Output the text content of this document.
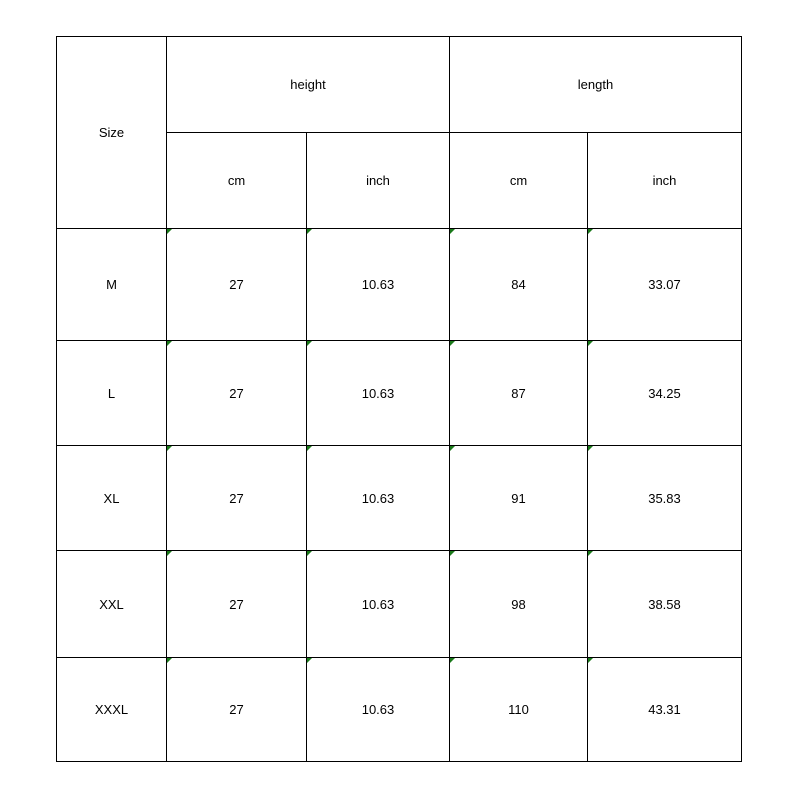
Size	height		length	
	cm	inch	cm	inch
M	27	10.63	84	33.07
L	27	10.63	87	34.25
XL	27	10.63	91	35.83
XXL	27	10.63	98	38.58
XXXL	27	10.63	110	43.31
